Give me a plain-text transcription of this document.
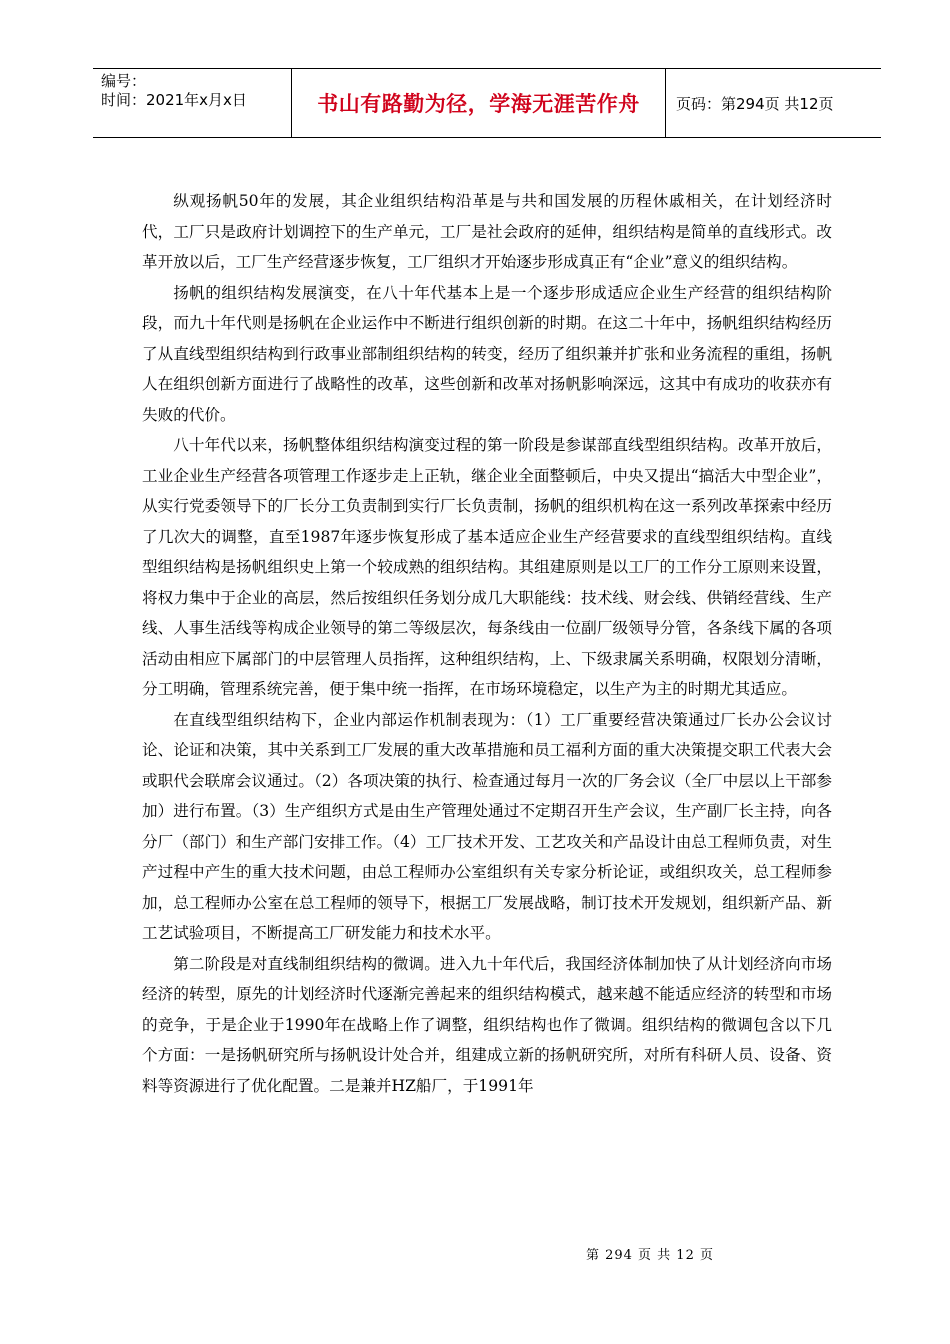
编号：
时间：2021年x月x日	书山有路勤为径，学海无涯苦作舟	页码：第294页 共12页

纵观扬帆50年的发展，其企业组织结构沿革是与共和国发展的历程休戚相关，在计划经济时代，工厂只是政府计划调控下的生产单元，工厂是社会政府的延伸，组织结构是简单的直线形式。改革开放以后，工厂生产经营逐步恢复，工厂组织才开始逐步形成真正有“企业”意义的组织结构。

扬帆的组织结构发展演变，在八十年代基本上是一个逐步形成适应企业生产经营的组织结构阶段，而九十年代则是扬帆在企业运作中不断进行组织创新的时期。在这二十年中，扬帆组织结构经历了从直线型组织结构到行政事业部制组织结构的转变，经历了组织兼并扩张和业务流程的重组，扬帆人在组织创新方面进行了战略性的改革，这些创新和改革对扬帆影响深远，这其中有成功的收获亦有失败的代价。

八十年代以来，扬帆整体组织结构演变过程的第一阶段是参谋部直线型组织结构。改革开放后，工业企业生产经营各项管理工作逐步走上正轨，继企业全面整顿后，中央又提出“搞活大中型企业”，从实行党委领导下的厂长分工负责制到实行厂长负责制，扬帆的组织机构在这一系列改革探索中经历了几次大的调整，直至1987年逐步恢复形成了基本适应企业生产经营要求的直线型组织结构。直线型组织结构是扬帆组织史上第一个较成熟的组织结构。其组建原则是以工厂的工作分工原则来设置，将权力集中于企业的高层，然后按组织任务划分成几大职能线：技术线、财会线、供销经营线、生产线、人事生活线等构成企业领导的第二等级层次，每条线由一位副厂级领导分管，各条线下属的各项活动由相应下属部门的中层管理人员指挥，这种组织结构，上、下级隶属关系明确，权限划分清晰，分工明确，管理系统完善，便于集中统一指挥，在市场环境稳定，以生产为主的时期尤其适应。

在直线型组织结构下，企业内部运作机制表现为：（1）工厂重要经营决策通过厂长办公会议讨论、论证和决策，其中关系到工厂发展的重大改革措施和员工福利方面的重大决策提交职工代表大会或职代会联席会议通过。（2）各项决策的执行、检查通过每月一次的厂务会议（全厂中层以上干部参加）进行布置。（3）生产组织方式是由生产管理处通过不定期召开生产会议，生产副厂长主持，向各分厂（部门）和生产部门安排工作。（4）工厂技术开发、工艺攻关和产品设计由总工程师负责，对生产过程中产生的重大技术问题，由总工程师办公室组织有关专家分析论证，或组织攻关，总工程师参加，总工程师办公室在总工程师的领导下，根据工厂发展战略，制订技术开发规划，组织新产品、新工艺试验项目，不断提高工厂研发能力和技术水平。

第二阶段是对直线制组织结构的微调。进入九十年代后，我国经济体制加快了从计划经济向市场经济的转型，原先的计划经济时代逐渐完善起来的组织结构模式，越来越不能适应经济的转型和市场的竞争，于是企业于1990年在战略上作了调整，组织结构也作了微调。组织结构的微调包含以下几个方面：一是扬帆研究所与扬帆设计处合并，组建成立新的扬帆研究所，对所有科研人员、设备、资料等资源进行了优化配置。二是兼并HZ船厂，于1991年

第 294 页 共 12 页
